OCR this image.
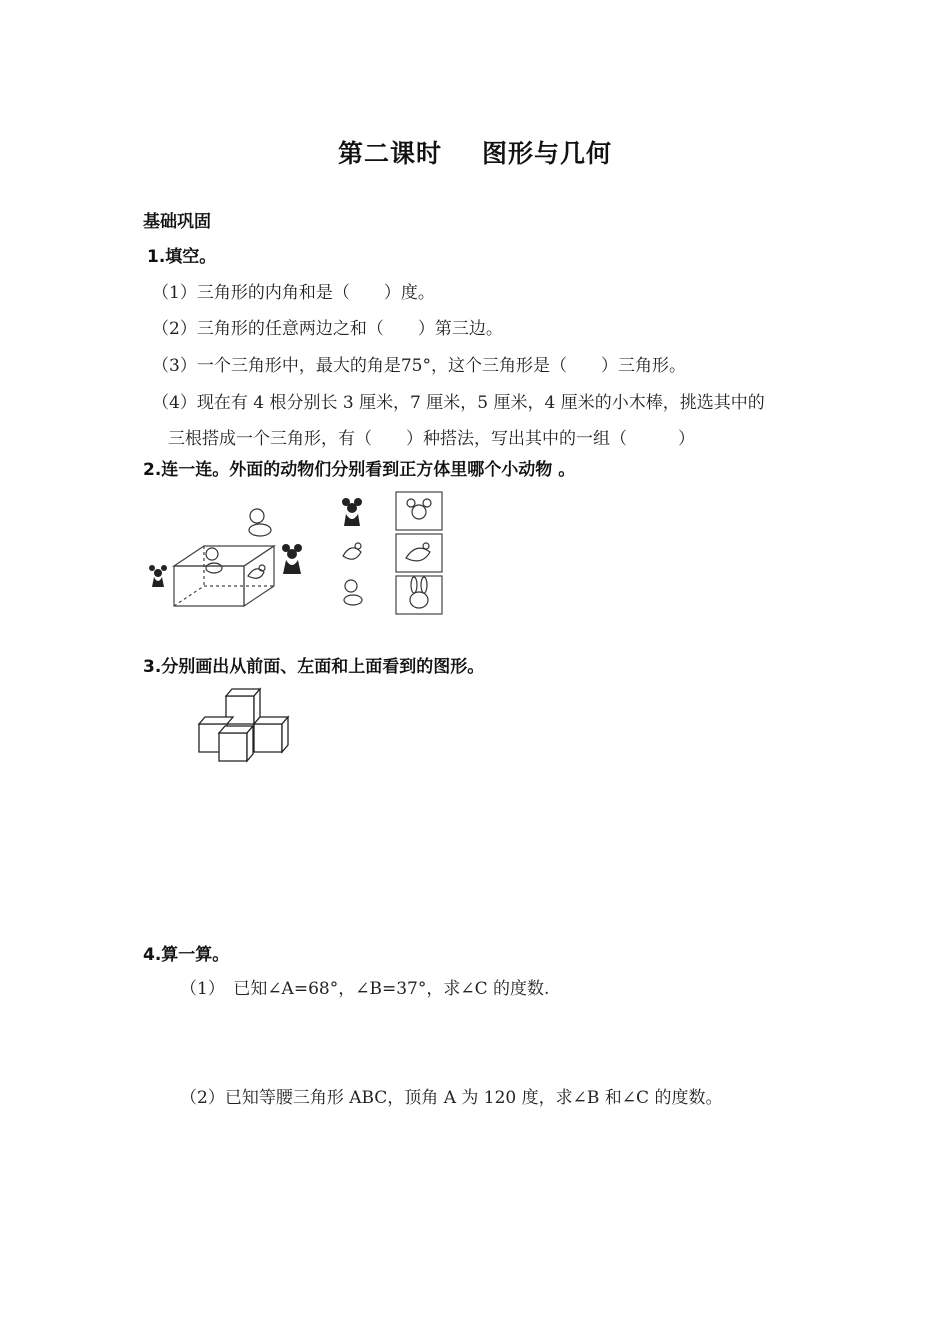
第二课时 图形与几何
基础巩固
1.填空。
（1）三角形的内角和是（　　）度。
（2）三角形的任意两边之和（　　）第三边。
（3）一个三角形中，最大的角是75°，这个三角形是（　　）三角形。
（4）现在有 4 根分别长 3 厘米，7 厘米，5 厘米，4 厘米的小木棒，挑选其中的
三根搭成一个三角形，有（　　）种搭法，写出其中的一组（　　　）
2.连一连。外面的动物们分别看到正方体里哪个小动物 。
3.分别画出从前面、左面和上面看到的图形。
4.算一算。
（1）　已知∠A=68°，∠B=37°，求∠C 的度数.
（2）已知等腰三角形 ABC，顶角 A 为 120 度，求∠B 和∠C 的度数。
